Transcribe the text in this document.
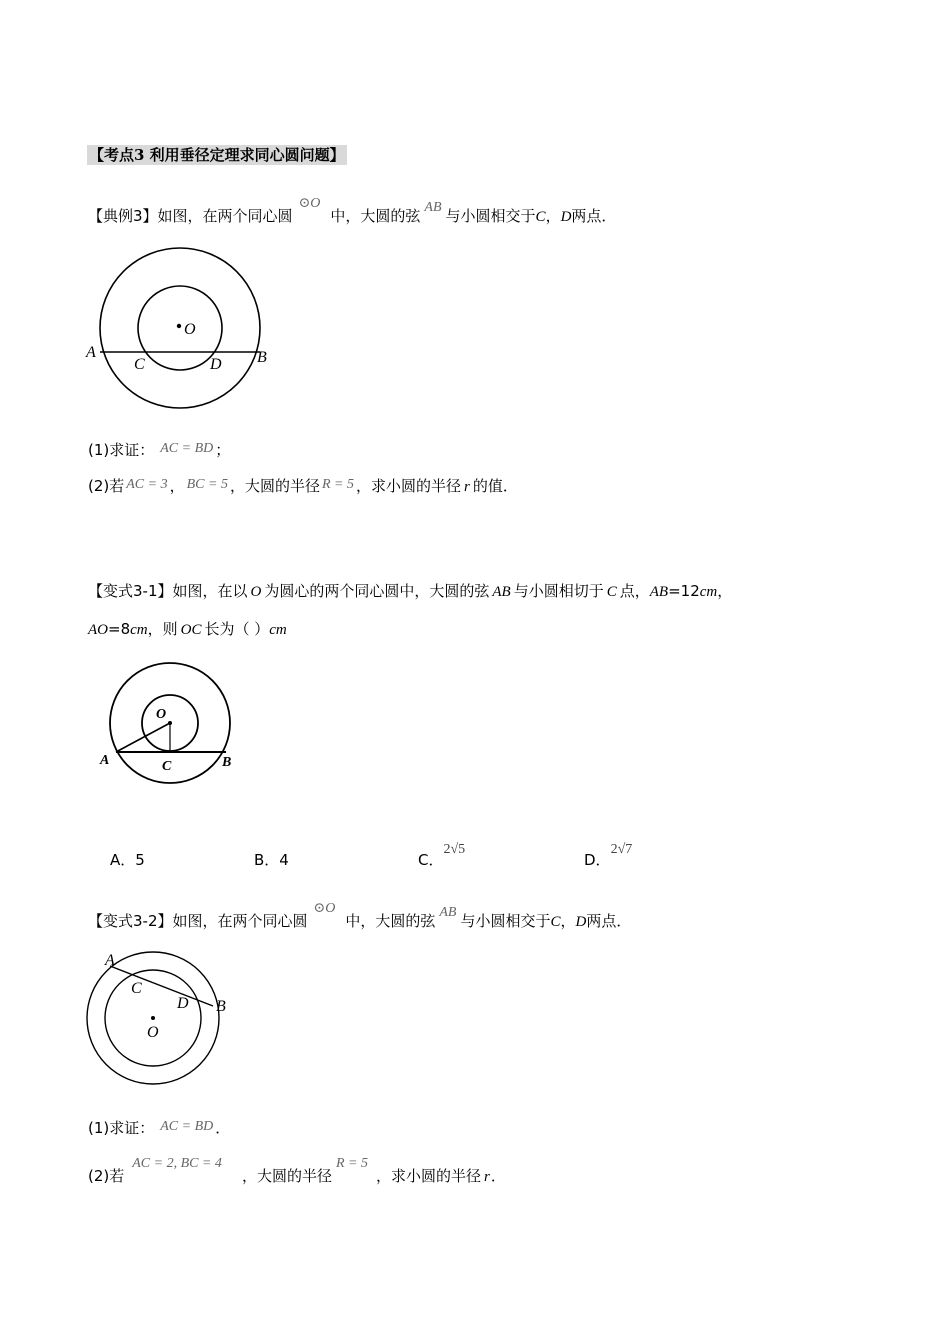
【考点3 利用垂径定理求同心圆问题】
【典例3】如图，在两个同心圆⊙O中，大圆的弦 AB 与小圆相交于C，D两点．
O
A	B
C	D
(1)求证： AC = BD ；
(2)若 AC = 3 ， BC = 5 ，大圆的半径 R = 5 ，求小圆的半径 r 的值．
【变式3-1】如图，在以 O 为圆心的两个同心圆中，大圆的弦 AB 与小圆相切于 C 点，AB=12cm，
AO=8cm，则 OC 长为（ ）cm
O
A	B
C
A．5	B．4	C．2√5
D．2√7
【变式3-2】如图，在两个同心圆⊙O中，大圆的弦 AB 与小圆相交于C，D两点．
O
A
B
C
D
(1)求证： AC = BD ．
(2)若AC = 2, BC = 4，大圆的半径R = 5，求小圆的半径 r．
